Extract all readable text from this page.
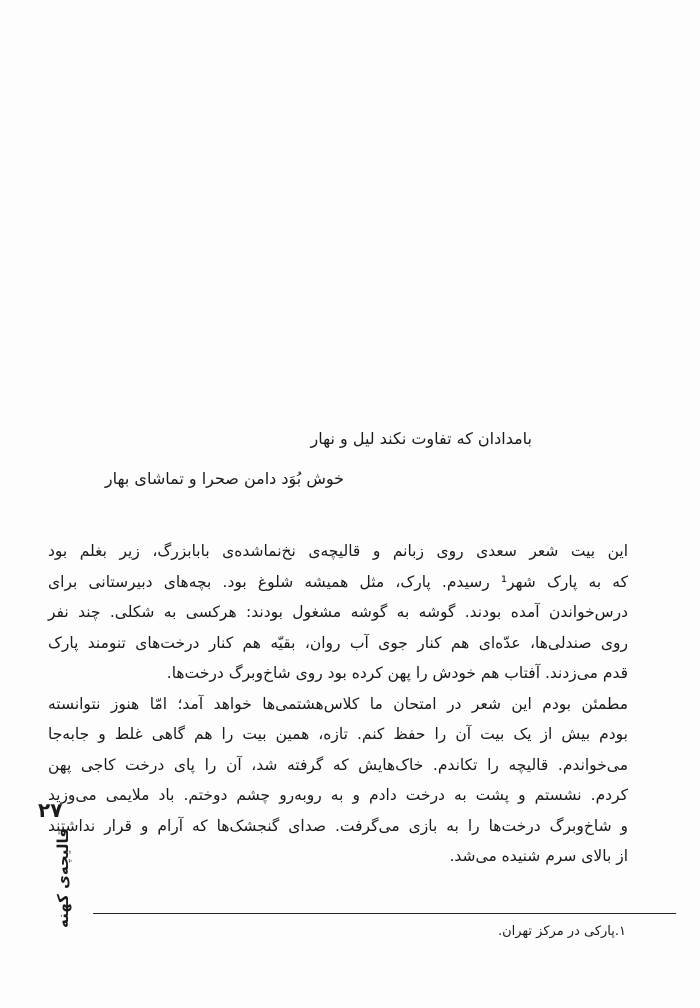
بامدادان که تفاوت نکند لیل و نهار
خوش بُوَد دامن صحرا و تماشای بهار
این بیت شعر سعدی روی زبانم و قالیچه‌ی نخ‌نماشده‌ی بابابزرگ، زیر بغلم بود
که به پارک شهر¹ رسیدم. پارک، مثل همیشه شلوغ بود. بچه‌های دبیرستانی برای
درس‌خواندن آمده بودند. گوشه به گوشه مشغول بودند: هرکسی به شکلی. چند نفر
روی صندلی‌ها، عدّه‌ای هم کنار جوی آب روان، بقیّه هم کنار درخت‌های تنومند پارک
قدم می‌زدند. آفتاب هم خودش را پهن کرده بود روی شاخ‌وبرگ درخت‌ها.
مطمئن بودم این شعر در امتحان ما کلاس‌هشتمی‌ها خواهد آمد؛ امّا هنوز نتوانسته
بودم بیش از یک بیت آن را حفظ کنم. تازه، همین بیت را هم گاهی غلط و جابه‌جا
می‌خواندم. قالیچه را تکاندم. خاک‌هایش که گرفته شد، آن را پای درخت کاجی پهن
کردم. نشستم و پشت به درخت دادم و به روبه‌رو چشم دوختم. باد ملایمی می‌وزید
و شاخ‌وبرگ درخت‌ها را به بازی می‌گرفت. صدای گنجشک‌ها که آرام و قرار نداشتند
از بالای سرم شنیده می‌شد.
۱.پارکی در مرکز تهران.
۲۷
قالیچه‌ی کهنه
